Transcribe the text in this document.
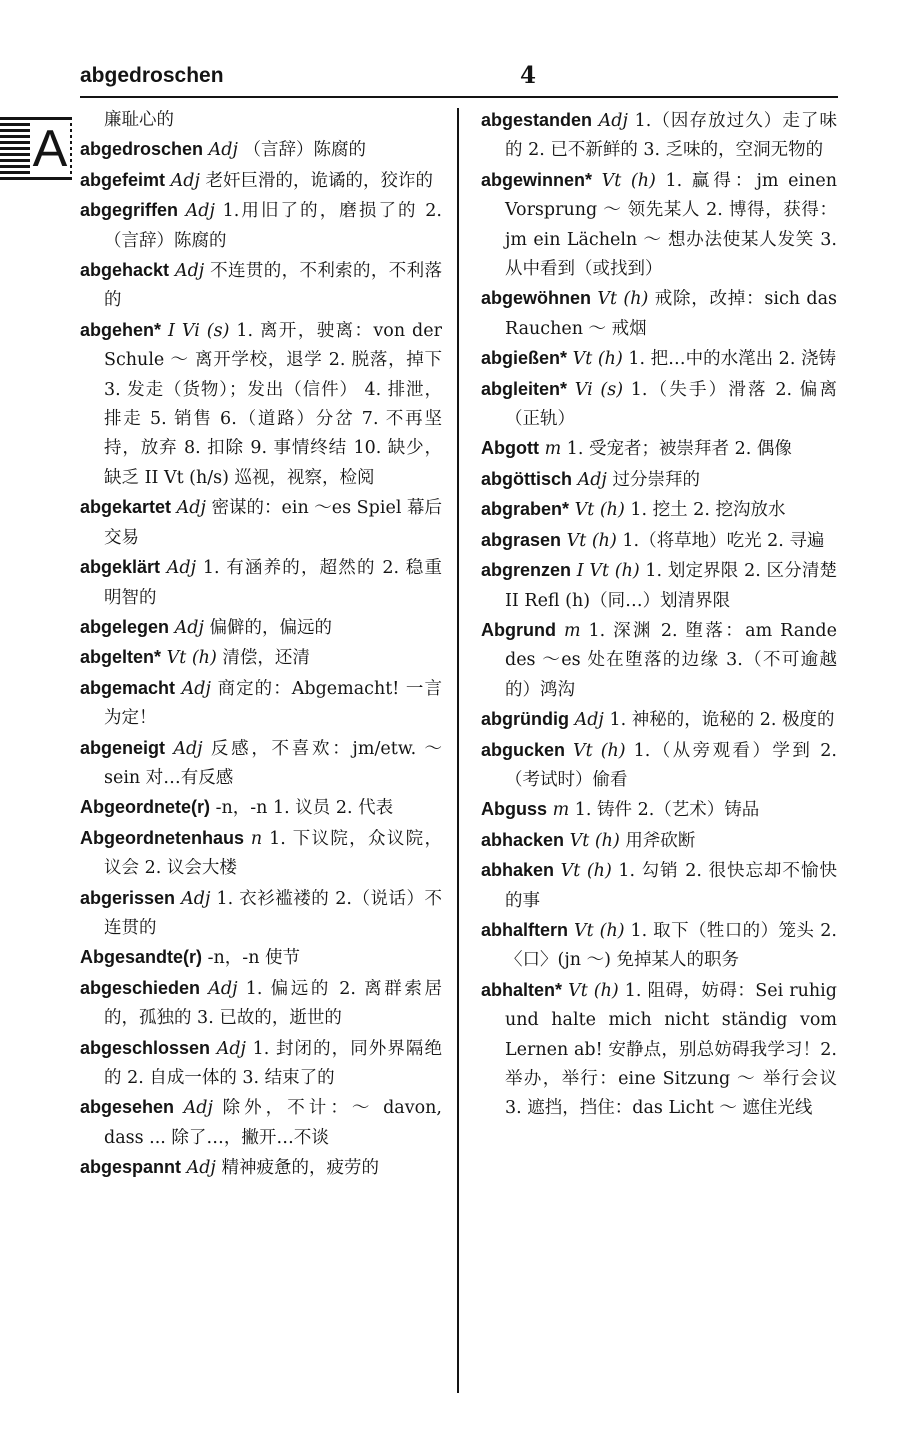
abgedroschen	4
A	廉耻心的
abgedroschen Adj （言辞）陈腐的
abgefeimt Adj 老奸巨滑的，诡谲的，狡诈的
abgegriffen Adj 1.用旧了的，磨损了的 2.（言辞）陈腐的
abgehackt Adj 不连贯的，不利索的，不利落的
abgehen* I Vi (s) 1. 离开，驶离：von der Schule ～ 离开学校，退学 2. 脱落，掉下 3. 发走（货物）；发出（信件） 4. 排泄，排走 5. 销售 6.（道路）分岔 7. 不再坚持，放弃 8. 扣除 9. 事情终结 10. 缺少，缺乏 II Vt (h/s) 巡视，视察，检阅
abgekartet Adj 密谋的：ein ～es Spiel 幕后交易
abgeklärt Adj 1. 有涵养的，超然的 2. 稳重明智的
abgelegen Adj 偏僻的，偏远的
abgelten* Vt (h) 清偿，还清
abgemacht Adj 商定的：Abgemacht! 一言为定！
abgeneigt Adj 反感，不喜欢：jm/etw. ～ sein 对…有反感
Abgeordnete(r) -n，-n 1. 议员 2. 代表
Abgeordnetenhaus n 1. 下议院，众议院，议会 2. 议会大楼
abgerissen Adj 1. 衣衫褴褛的 2.（说话）不连贯的
Abgesandte(r) -n，-n 使节
abgeschieden Adj 1. 偏远的 2. 离群索居的，孤独的 3. 已故的，逝世的
abgeschlossen Adj 1. 封闭的，同外界隔绝的 2. 自成一体的 3. 结束了的
abgesehen Adj 除外，不计：～ davon, dass ... 除了…，撇开…不谈
abgespannt Adj 精神疲惫的，疲劳的
abgestanden Adj 1.（因存放过久）走了味的 2. 已不新鲜的 3. 乏味的，空洞无物的
abgewinnen* Vt (h) 1. 赢得：jm einen Vorsprung ～ 领先某人 2. 博得，获得：jm ein Lächeln ～ 想办法使某人发笑 3. 从中看到（或找到）
abgewöhnen Vt (h) 戒除，改掉：sich das Rauchen ～ 戒烟
abgießen* Vt (h) 1. 把…中的水滗出 2. 浇铸
abgleiten* Vi (s) 1.（失手）滑落 2. 偏离（正轨）
Abgott m 1. 受宠者；被崇拜者 2. 偶像
abgöttisch Adj 过分崇拜的
abgraben* Vt (h) 1. 挖土 2. 挖沟放水
abgrasen Vt (h) 1.（将草地）吃光 2. 寻遍
abgrenzen I Vt (h) 1. 划定界限 2. 区分清楚 II Refl (h)（同…）划清界限
Abgrund m 1. 深渊 2. 堕落：am Rande des ～es 处在堕落的边缘 3.（不可逾越的）鸿沟
abgründig Adj 1. 神秘的，诡秘的 2. 极度的
abgucken Vt (h) 1.（从旁观看）学到 2.（考试时）偷看
Abguss m 1. 铸件 2.（艺术）铸品
abhacken Vt (h) 用斧砍断
abhaken Vt (h) 1. 勾销 2. 很快忘却不愉快的事
abhalftern Vt (h) 1. 取下（牲口的）笼头 2.〈口〉(jn ～) 免掉某人的职务
abhalten* Vt (h) 1. 阻碍，妨碍：Sei ruhig und halte mich nicht ständig vom Lernen ab! 安静点，别总妨碍我学习！2. 举办，举行：eine Sitzung ～ 举行会议 3. 遮挡，挡住：das Licht ～ 遮住光线
